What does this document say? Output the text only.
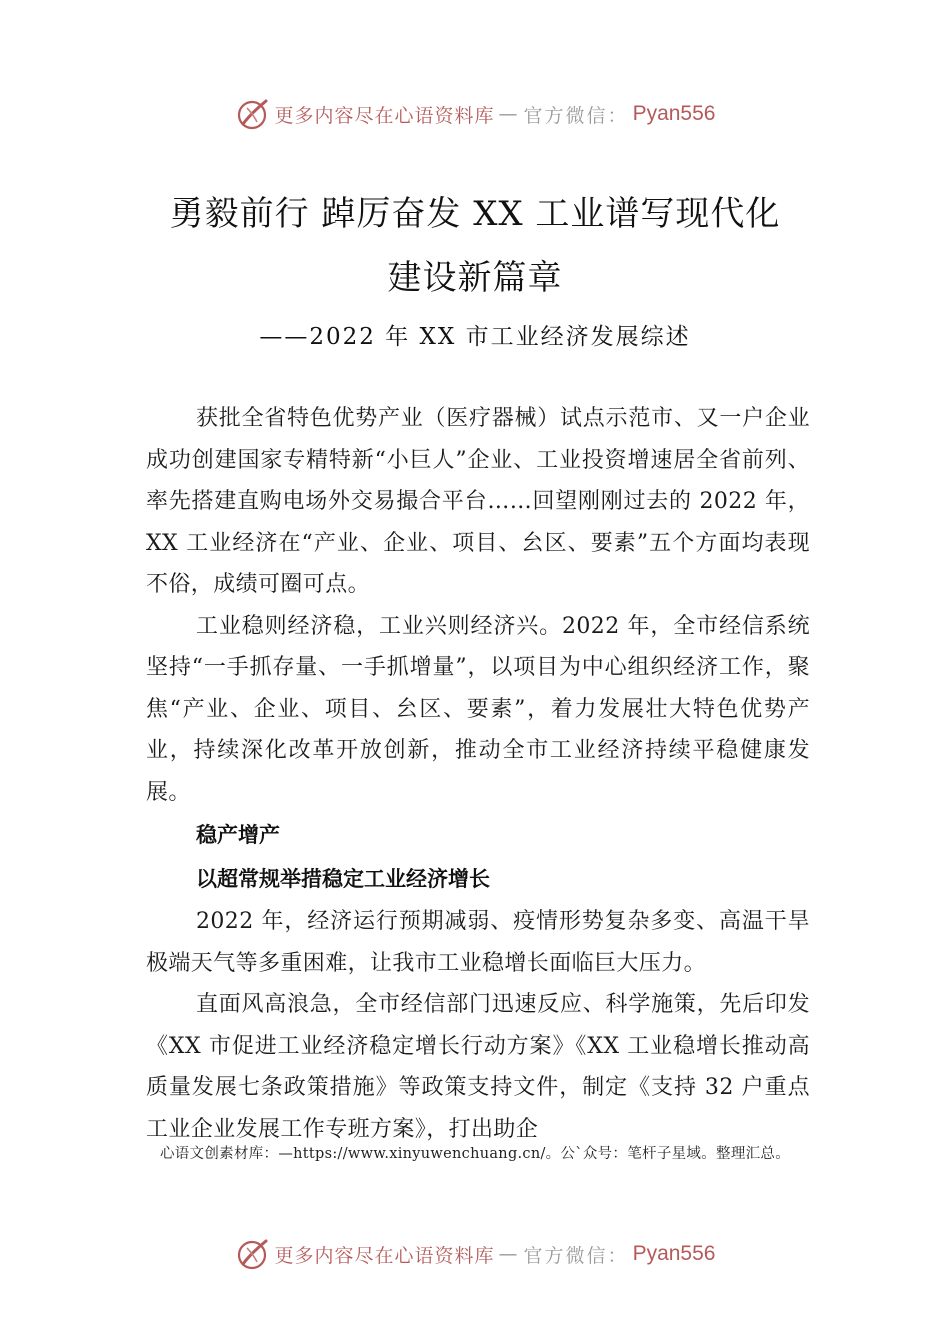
更多内容尽在心语资料库 — 官方微信： Pyan556
勇毅前行 踔厉奋发 XX 工业谱写现代化
建设新篇章
——2022 年 XX 市工业经济发展综述

获批全省特色优势产业（医疗器械）试点示范市、又一户企业成功创建国家专精特新“小巨人”企业、工业投资增速居全省前列、率先搭建直购电场外交易撮合平台……回望刚刚过去的 2022 年，XX 工业经济在“产业、企业、项目、㕕区、要素”五个方面均表现不俗，成绩可圈可点。

工业稳则经济稳，工业兴则经济兴。2022 年，全市经信系统坚持“一手抓存量、一手抓增量”，以项目为中心组织经济工作，聚焦“产业、企业、项目、㕕区、要素”，着力发展壮大特色优势产业，持续深化改革开放创新，推动全市工业经济持续平稳健康发展。

稳产增产

以超常规举措稳定工业经济增长

2022 年，经济运行预期减弱、疫情形势复杂多变、高温干旱极端天气等多重困难，让我市工业稳增长面临巨大压力。

直面风高浪急，全市经信部门迅速反应、科学施策，先后印发《XX 市促进工业经济稳定增长行动方案》《XX 工业稳增长推动高质量发展七条政策措施》等政策支持文件，制定《支持 32 户重点工业企业发展工作专班方案》，打出助企

心语文创素材库：—https://www.xinyuwenchuang.cn/。公`众号：笔杆子星域。整理汇总。
更多内容尽在心语资料库 — 官方微信： Pyan556
